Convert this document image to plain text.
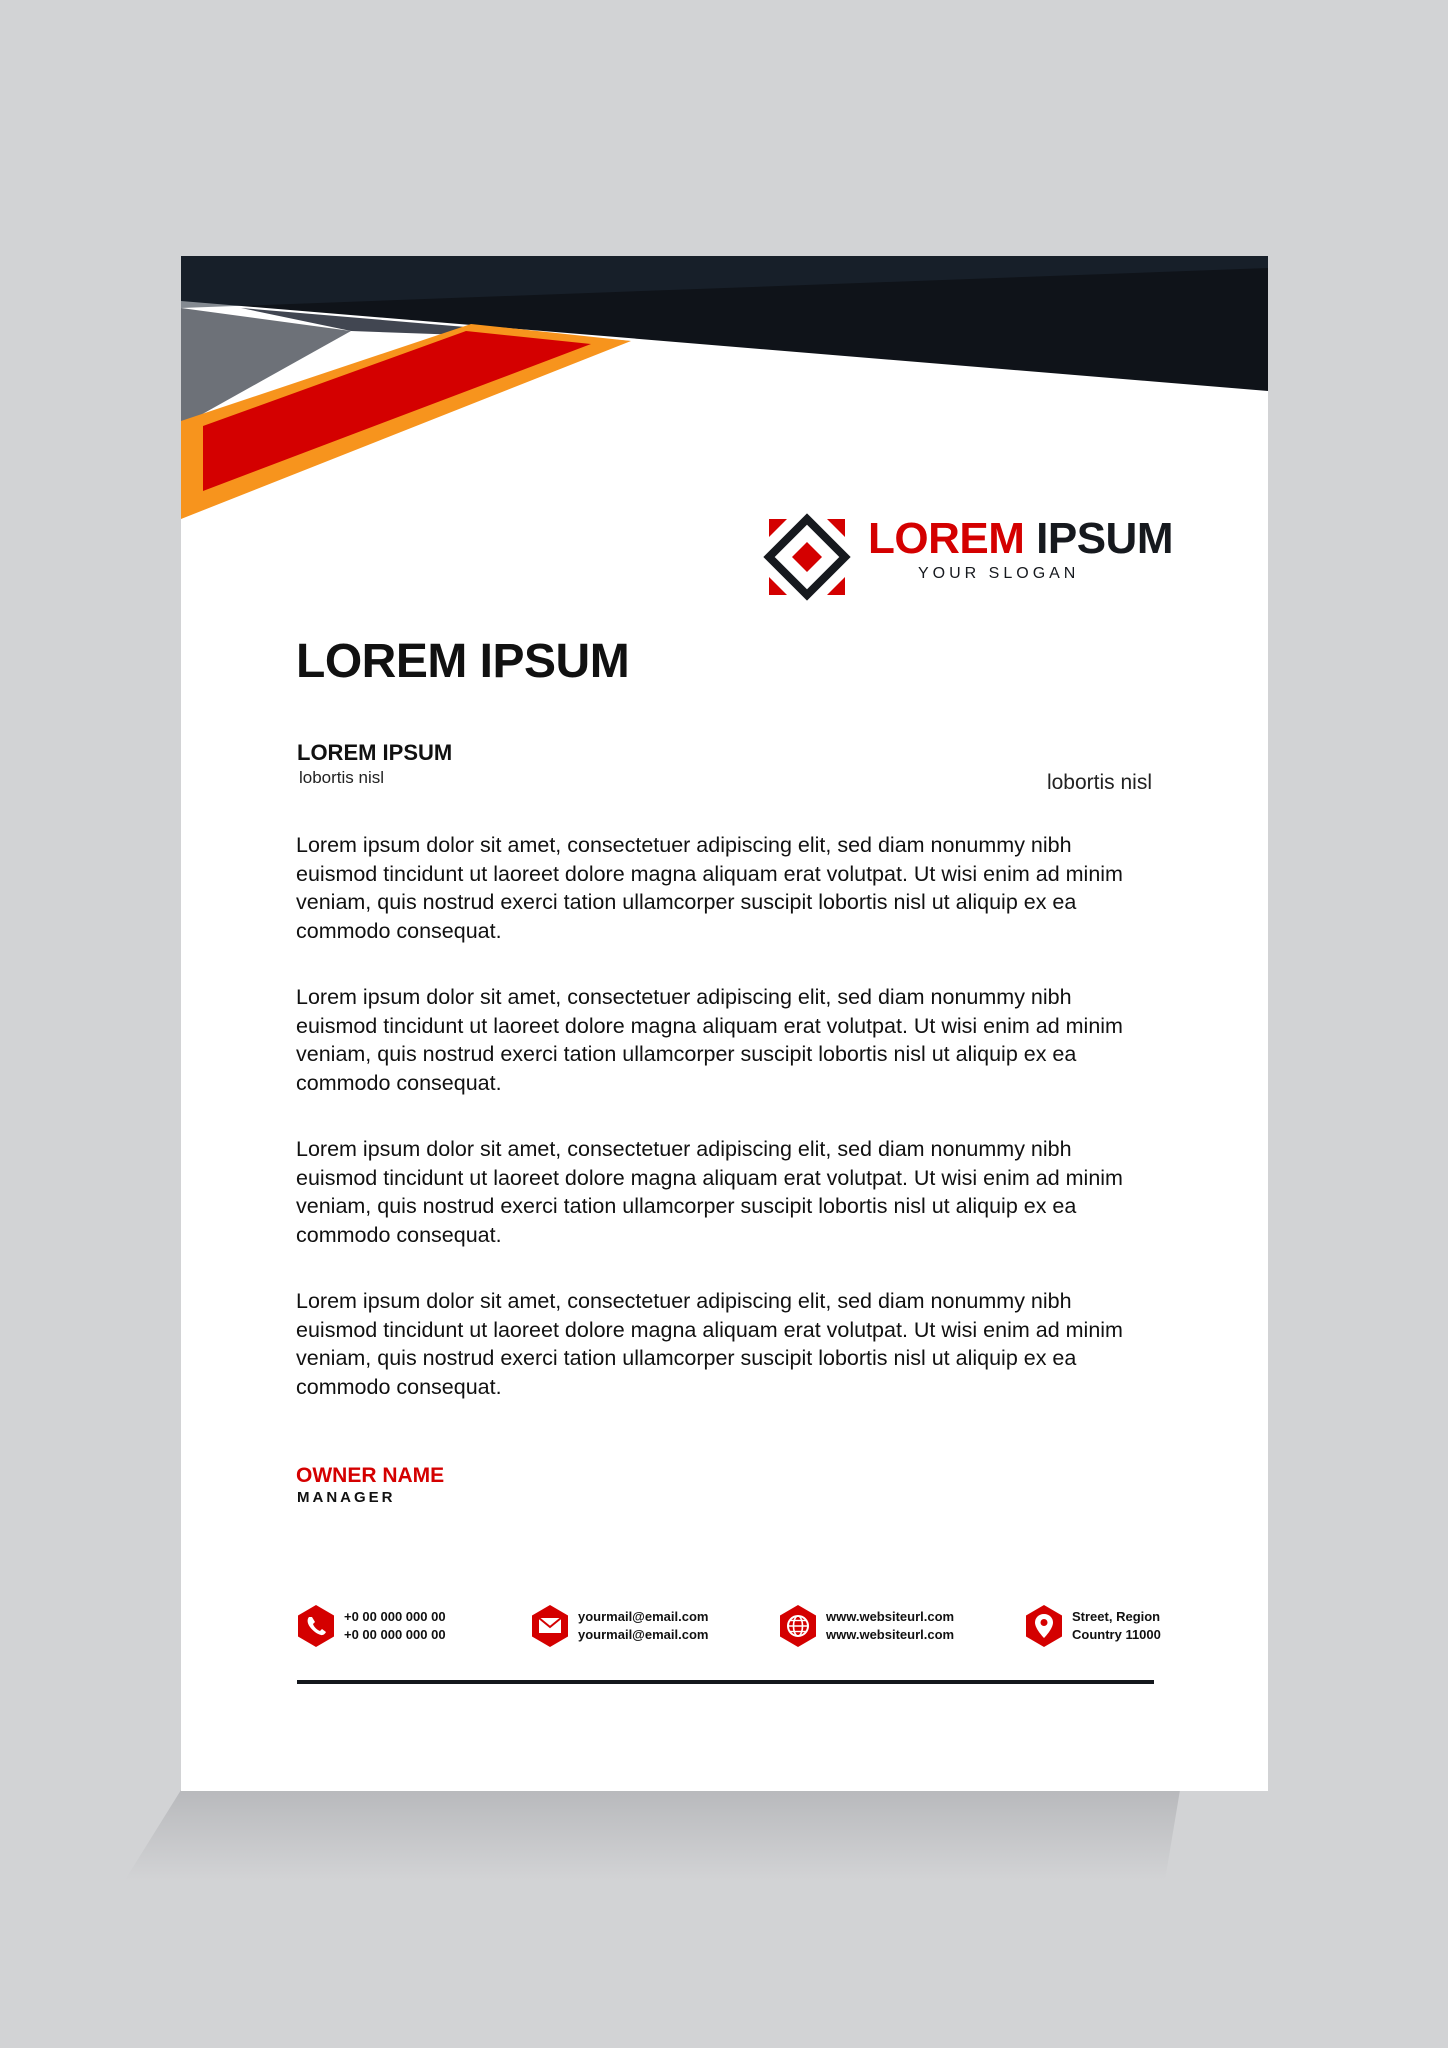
LOREM IPSUM
YOUR SLOGAN
LOREM IPSUM
LOREM IPSUM
lobortis nisl	lobortis nisl

Lorem ipsum dolor sit amet, consectetuer adipiscing elit, sed diam nonummy nibh euismod tincidunt ut laoreet dolore magna aliquam erat volutpat. Ut wisi enim ad minim veniam, quis nostrud exerci tation ullamcorper suscipit lobortis nisl ut aliquip ex ea commodo consequat.

Lorem ipsum dolor sit amet, consectetuer adipiscing elit, sed diam nonummy nibh euismod tincidunt ut laoreet dolore magna aliquam erat volutpat. Ut wisi enim ad minim veniam, quis nostrud exerci tation ullamcorper suscipit lobortis nisl ut aliquip ex ea commodo consequat.

Lorem ipsum dolor sit amet, consectetuer adipiscing elit, sed diam nonummy nibh euismod tincidunt ut laoreet dolore magna aliquam erat volutpat. Ut wisi enim ad minim veniam, quis nostrud exerci tation ullamcorper suscipit lobortis nisl ut aliquip ex ea commodo consequat.

Lorem ipsum dolor sit amet, consectetuer adipiscing elit, sed diam nonummy nibh euismod tincidunt ut laoreet dolore magna aliquam erat volutpat. Ut wisi enim ad minim veniam, quis nostrud exerci tation ullamcorper suscipit lobortis nisl ut aliquip ex ea commodo consequat.

OWNER NAME
MANAGER
+0 00 000 000 00
+0 00 000 000 00
yourmail@email.com
yourmail@email.com
www.websiteurl.com
www.websiteurl.com
Street, Region
Country 11000
